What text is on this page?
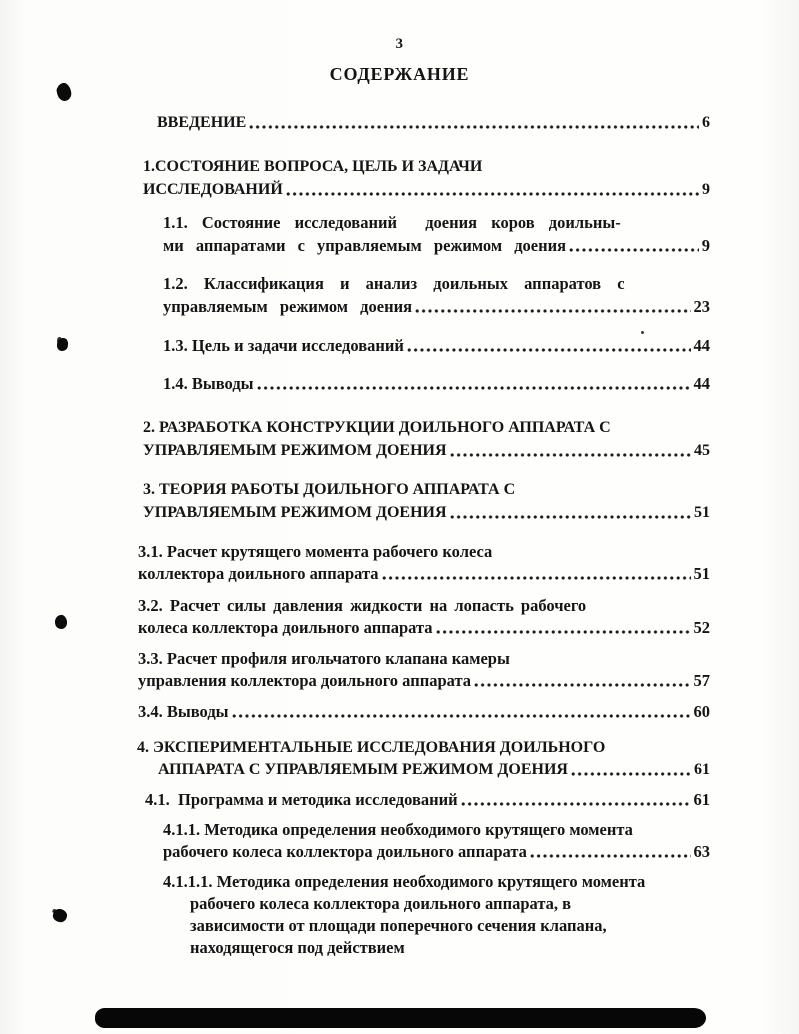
3
СОДЕРЖАНИЕ
ВВЕДЕНИЕ	6
1.СОСТОЯНИЕ ВОПРОСА, ЦЕЛЬ И ЗАДАЧИ
ИССЛЕДОВАНИЙ	9
1.1. Состояние исследований  доения коров доильны-
ми аппаратами с управляемым режимом доения	9
1.2. Классификация и анализ доильных аппаратов с
управляемым режимом доения	23
1.3. Цель и задачи исследований	44
1.4. Выводы	44
2. РАЗРАБОТКА КОНСТРУКЦИИ ДОИЛЬНОГО АППАРАТА С
УПРАВЛЯЕМЫМ РЕЖИМОМ ДОЕНИЯ	45
3. ТЕОРИЯ РАБОТЫ ДОИЛЬНОГО АППАРАТА С
УПРАВЛЯЕМЫМ РЕЖИМОМ ДОЕНИЯ	51
3.1. Расчет крутящего момента рабочего колеса
коллектора доильного аппарата	51
3.2. Расчет силы давления жидкости на лопасть рабочего
колеса коллектора доильного аппарата	52
3.3. Расчет профиля игольчатого клапана камеры
управления коллектора доильного аппарата	57
3.4. Выводы	60
4. ЭКСПЕРИМЕНТАЛЬНЫЕ ИССЛЕДОВАНИЯ ДОИЛЬНОГО
АППАРАТА С УПРАВЛЯЕМЫМ РЕЖИМОМ ДОЕНИЯ	61
4.1.  Программа и методика исследований	61
4.1.1. Методика определения необходимого крутящего момента
рабочего колеса коллектора доильного аппарата	63
4.1.1.1. Методика определения необходимого крутящего момента
рабочего колеса коллектора доильного аппарата, в
зависимости от площади поперечного сечения клапана,
находящегося под действием
